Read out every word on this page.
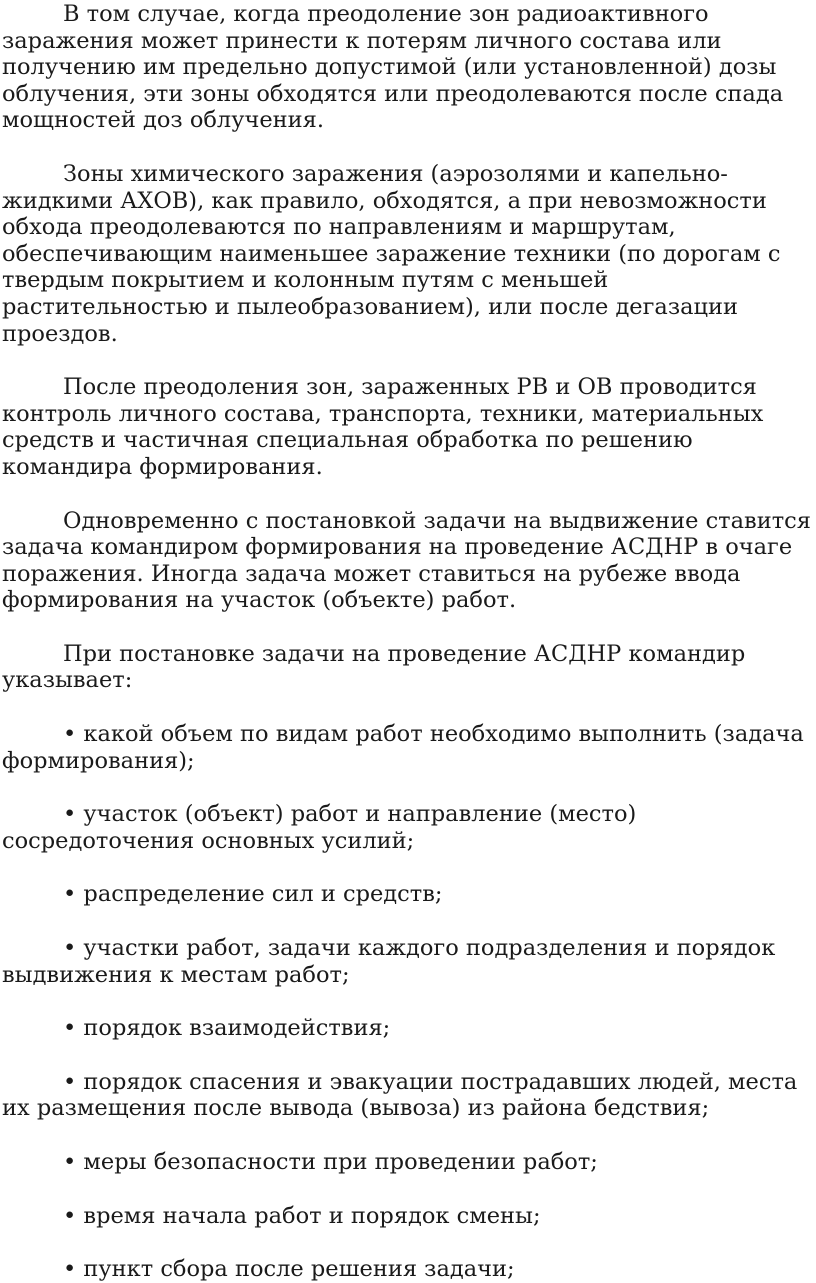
В том случае, когда преодоление зон радиоактивного заражения может принести к потерям личного состава или получению им предельно допустимой (или установленной) дозы облучения, эти зоны обходятся или преодолеваются после спада мощностей доз облучения.

Зоны химического заражения (аэрозолями и капельно-жидкими АХОВ), как правило, обходятся, а при невозможности обхода преодолеваются по направлениям и маршрутам, обеспечивающим наименьшее заражение техники (по дорогам с твердым покрытием и колонным путям с меньшей растительностью и пылеобразованием), или после дегазации проездов.

После преодоления зон, зараженных РВ и ОВ проводится контроль личного состава, транспорта, техники, материальных средств и частичная специальная обработка по решению командира формирования.

Одновременно с постановкой задачи на выдвижение ставится задача командиром формирования на проведение АСДНР в очаге поражения. Иногда задача может ставиться на рубеже ввода формирования на участок (объекте) работ.

При постановке задачи на проведение АСДНР командир указывает:

• какой объем по видам работ необходимо выполнить (задача формирования);

• участок (объект) работ и направление (место) сосредоточения основных усилий;

• распределение сил и средств;

• участки работ, задачи каждого подразделения и порядок выдвижения к местам работ;

• порядок взаимодействия;

• порядок спасения и эвакуации пострадавших людей, места их размещения после вывода (вывоза) из района бедствия;

• меры безопасности при проведении работ;

• время начала работ и порядок смены;

• пункт сбора после решения задачи;
